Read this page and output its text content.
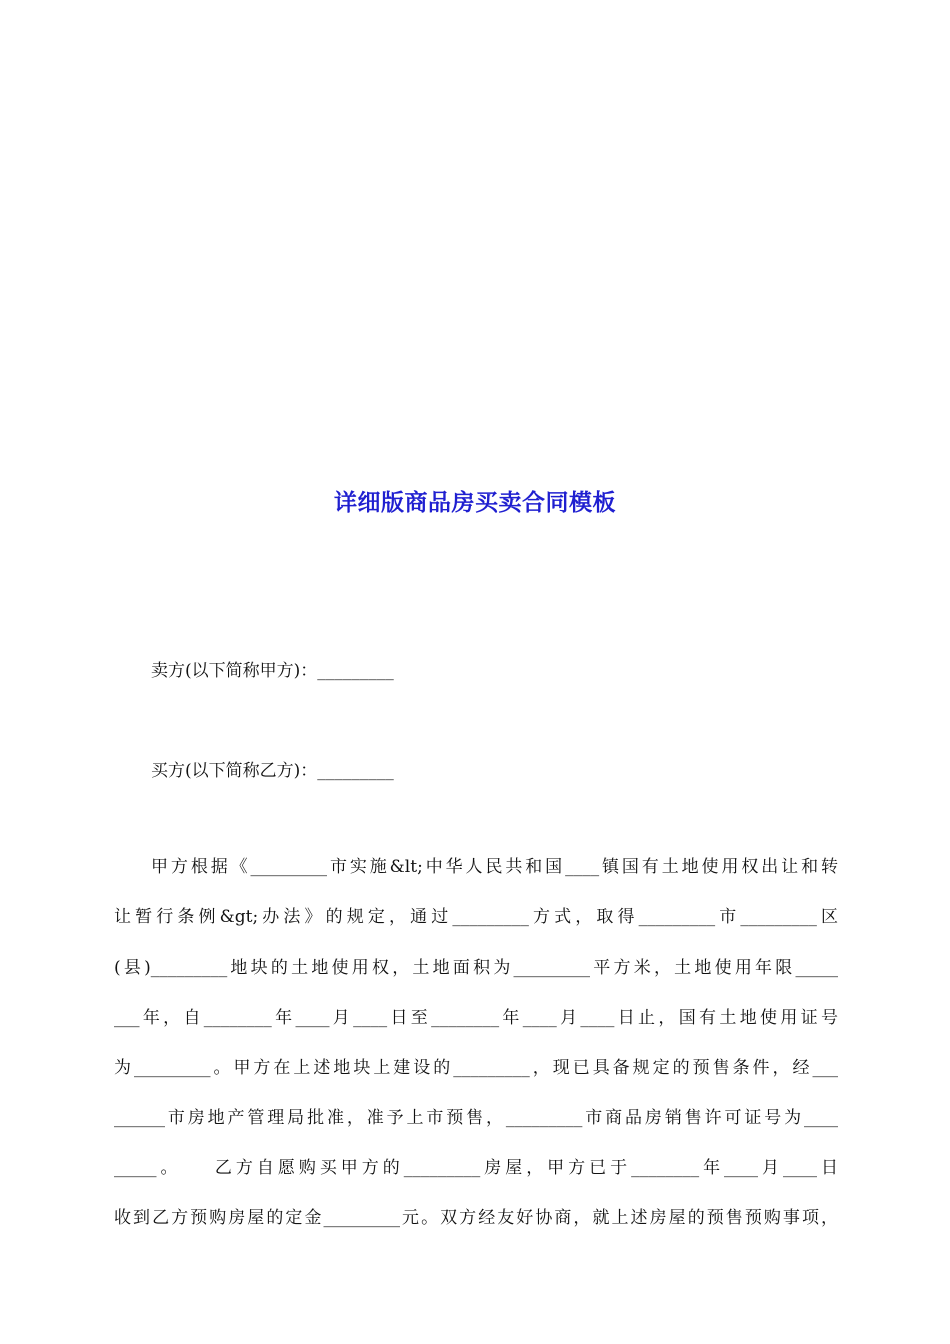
详细版商品房买卖合同模板
卖方(以下简称甲方)：_________
买方(以下简称乙方)：_________
甲方根据《_________市实施&lt;中华人民共和国____镇国有土地使用权出让和转
让暂行条例&gt;办法》的规定，通过_________方式，取得_________市_________区
(县)_________地块的土地使用权，土地面积为_________平方米，土地使用年限_____
___年，自________年____月____日至________年____月____日止，国有土地使用证号
为_________。甲方在上述地块上建设的_________，现已具备规定的预售条件，经___
______市房地产管理局批准，准予上市预售，_________市商品房销售许可证号为____
_____。　　乙方自愿购买甲方的_________房屋，甲方已于________年____月____日
收到乙方预购房屋的定金_________元。双方经友好协商，就上述房屋的预售预购事项，
